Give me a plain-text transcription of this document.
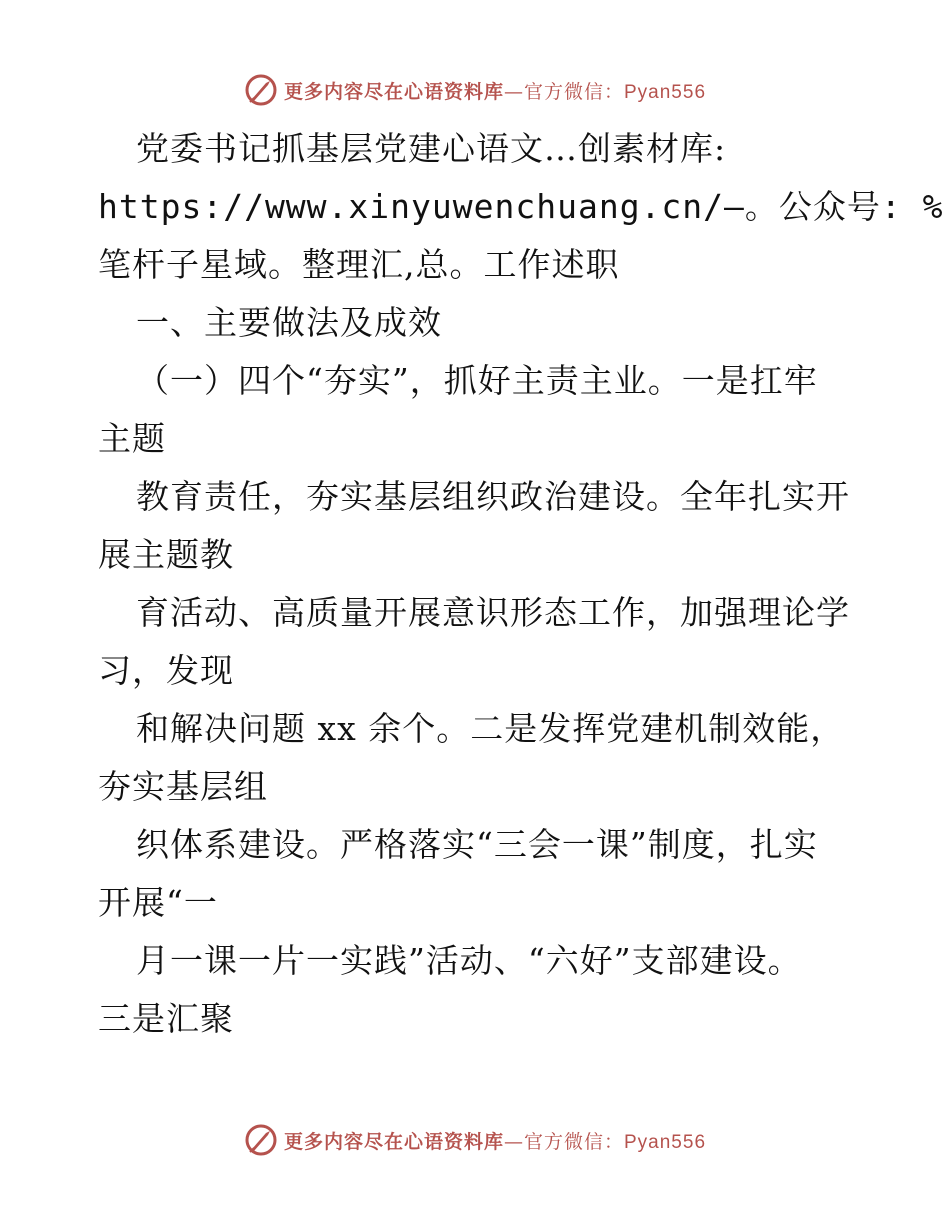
更多内容尽在心语资料库—官方微信：Pyan556
党委书记抓基层党建心语文…创素材库:
https://www.xinyuwenchuang.cn/—。公众号: %
笔杆子星域。整理汇,总。工作述职
一、主要做法及成效
（一）四个“夯实”，抓好主责主业。一是扛牢
主题
教育责任，夯实基层组织政治建设。全年扎实开
展主题教
育活动、高质量开展意识形态工作，加强理论学
习，发现
和解决问题 xx 余个。二是发挥党建机制效能，
夯实基层组
织体系建设。严格落实“三会一课”制度，扎实
开展“一
月一课一片一实践”活动、“六好”支部建设。
三是汇聚
更多内容尽在心语资料库—官方微信：Pyan556
